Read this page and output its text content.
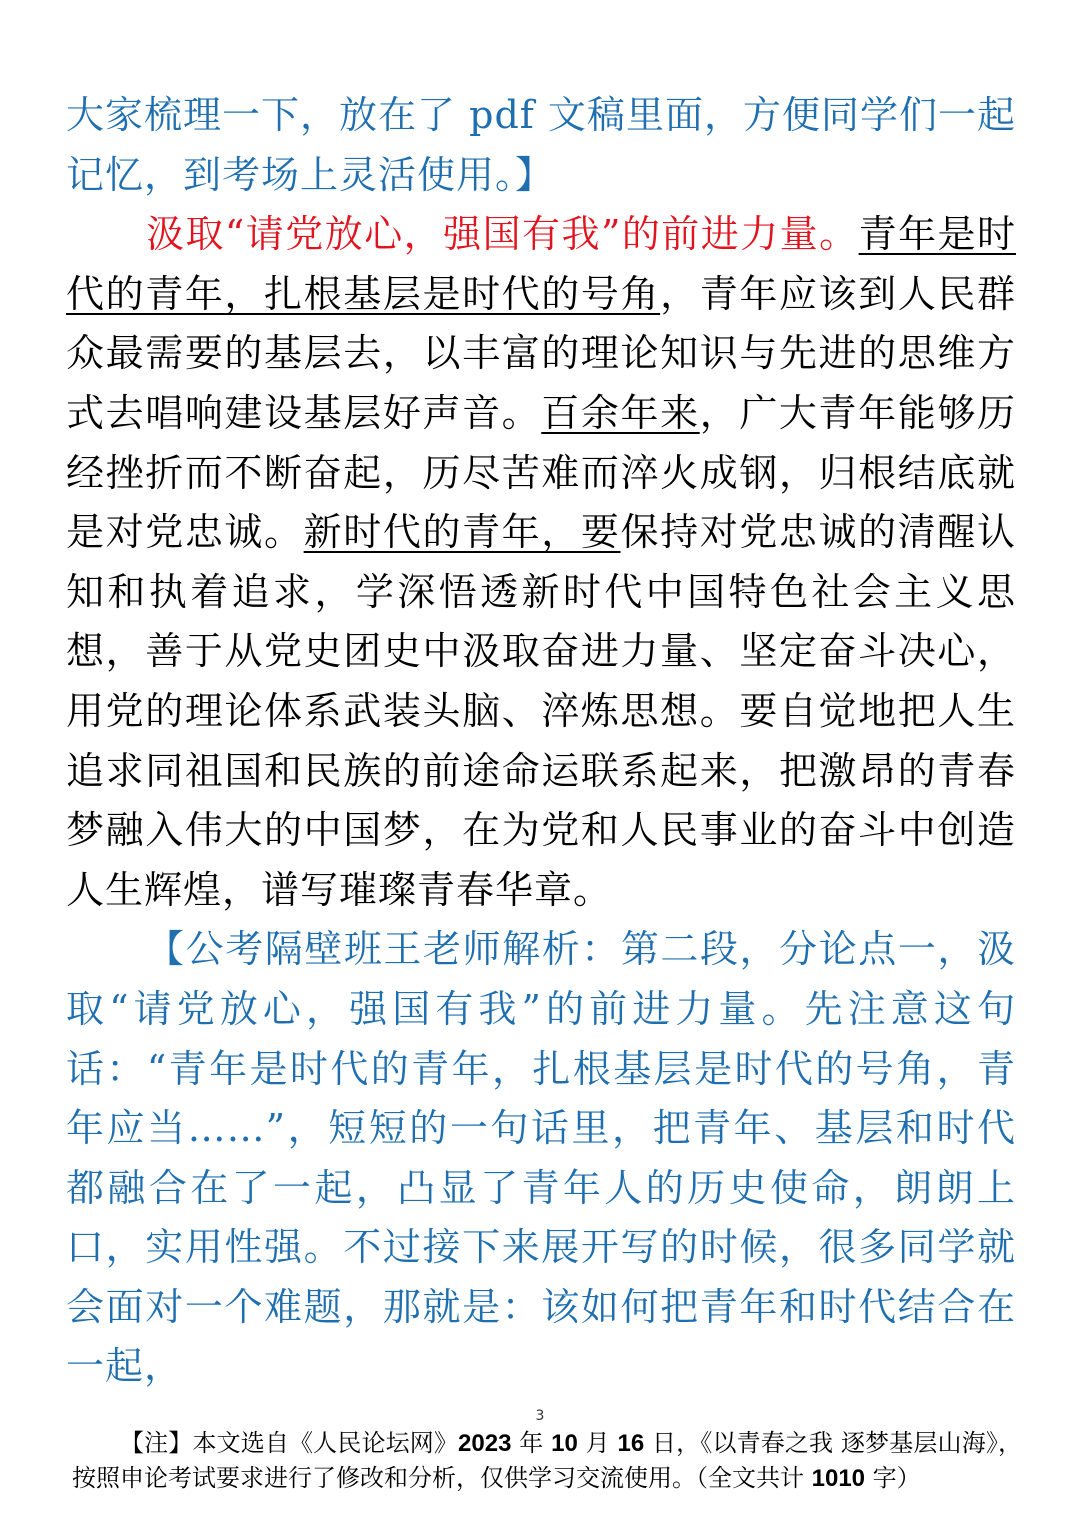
大家梳理一下，放在了 pdf 文稿里面，方便同学们一起记忆，到考场上灵活使用。】

汲取“请党放心，强国有我”的前进力量。青年是时代的青年，扎根基层是时代的号角，青年应该到人民群众最需要的基层去，以丰富的理论知识与先进的思维方式去唱响建设基层好声音。百余年来，广大青年能够历经挫折而不断奋起，历尽苦难而淬火成钢，归根结底就是对党忠诚。新时代的青年，要保持对党忠诚的清醒认知和执着追求，学深悟透新时代中国特色社会主义思想，善于从党史团史中汲取奋进力量、坚定奋斗决心，用党的理论体系武装头脑、淬炼思想。要自觉地把人生追求同祖国和民族的前途命运联系起来，把激昂的青春梦融入伟大的中国梦，在为党和人民事业的奋斗中创造人生辉煌，谱写璀璨青春华章。

【公考隔壁班王老师解析：第二段，分论点一，汲取“请党放心，强国有我”的前进力量。先注意这句话：“青年是时代的青年，扎根基层是时代的号角，青年应当……”，短短的一句话里，把青年、基层和时代都融合在了一起，凸显了青年人的历史使命，朗朗上口，实用性强。不过接下来展开写的时候，很多同学就会面对一个难题，那就是：该如何把青年和时代结合在一起，

3
【注】本文选自《人民论坛网》2023 年 10 月 16 日，《以青春之我 逐梦基层山海》，按照申论考试要求进行了修改和分析，仅供学习交流使用。（全文共计 1010 字）
